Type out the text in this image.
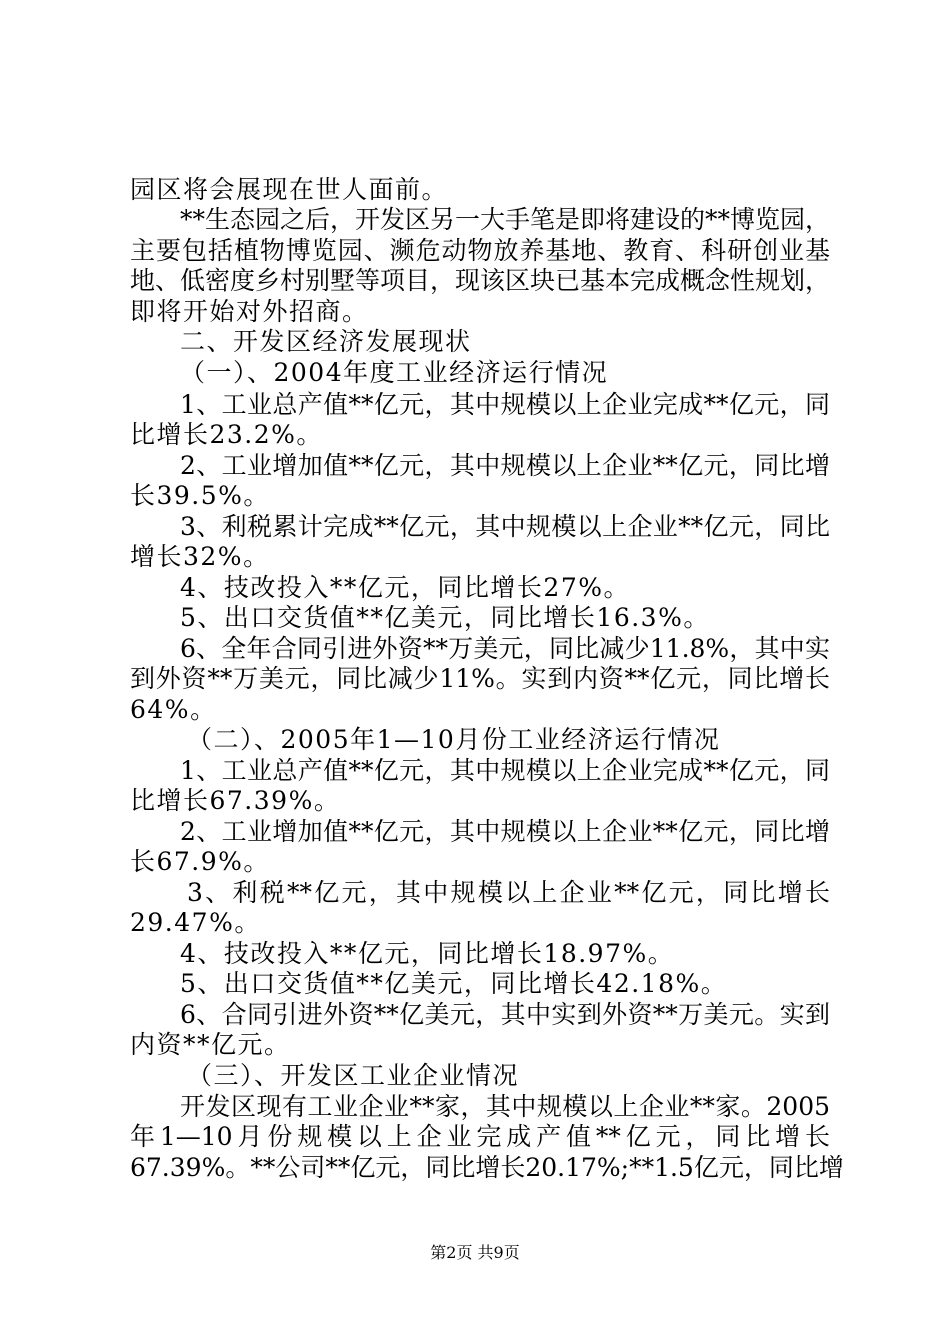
园区将会展现在世人面前。
**生态园之后，开发区另一大手笔是即将建设的**博览园，
主要包括植物博览园、濒危动物放养基地、教育、科研创业基
地、低密度乡村别墅等项目，现该区块已基本完成概念性规划，
即将开始对外招商。
二、开发区经济发展现状
（一）、2004年度工业经济运行情况
1、工业总产值**亿元，其中规模以上企业完成**亿元，同
比增长23.2%。
2、工业增加值**亿元，其中规模以上企业**亿元，同比增
长39.5%。
3、利税累计完成**亿元，其中规模以上企业**亿元，同比
增长32%。
4、技改投入**亿元，同比增长27%。
5、出口交货值**亿美元，同比增长16.3%。
6、全年合同引进外资**万美元，同比减少11.8%，其中实
到外资**万美元，同比减少11%。实到内资**亿元，同比增长
64%。
（二）、2005年1—10月份工业经济运行情况
1、工业总产值**亿元，其中规模以上企业完成**亿元，同
比增长67.39%。
2、工业增加值**亿元，其中规模以上企业**亿元，同比增
长67.9%。
3、利税**亿元，其中规模以上企业**亿元，同比增长
29.47%。
4、技改投入**亿元，同比增长18.97%。
5、出口交货值**亿美元，同比增长42.18%。
6、合同引进外资**亿美元，其中实到外资**万美元。实到
内资**亿元。
（三）、开发区工业企业情况
开发区现有工业企业**家，其中规模以上企业**家。2005
年1—10月份规模以上企业完成产值**亿元，同比增长
67.39%。**公司**亿元，同比增长20.17%;**1.5亿元，同比增
第2页 共9页
